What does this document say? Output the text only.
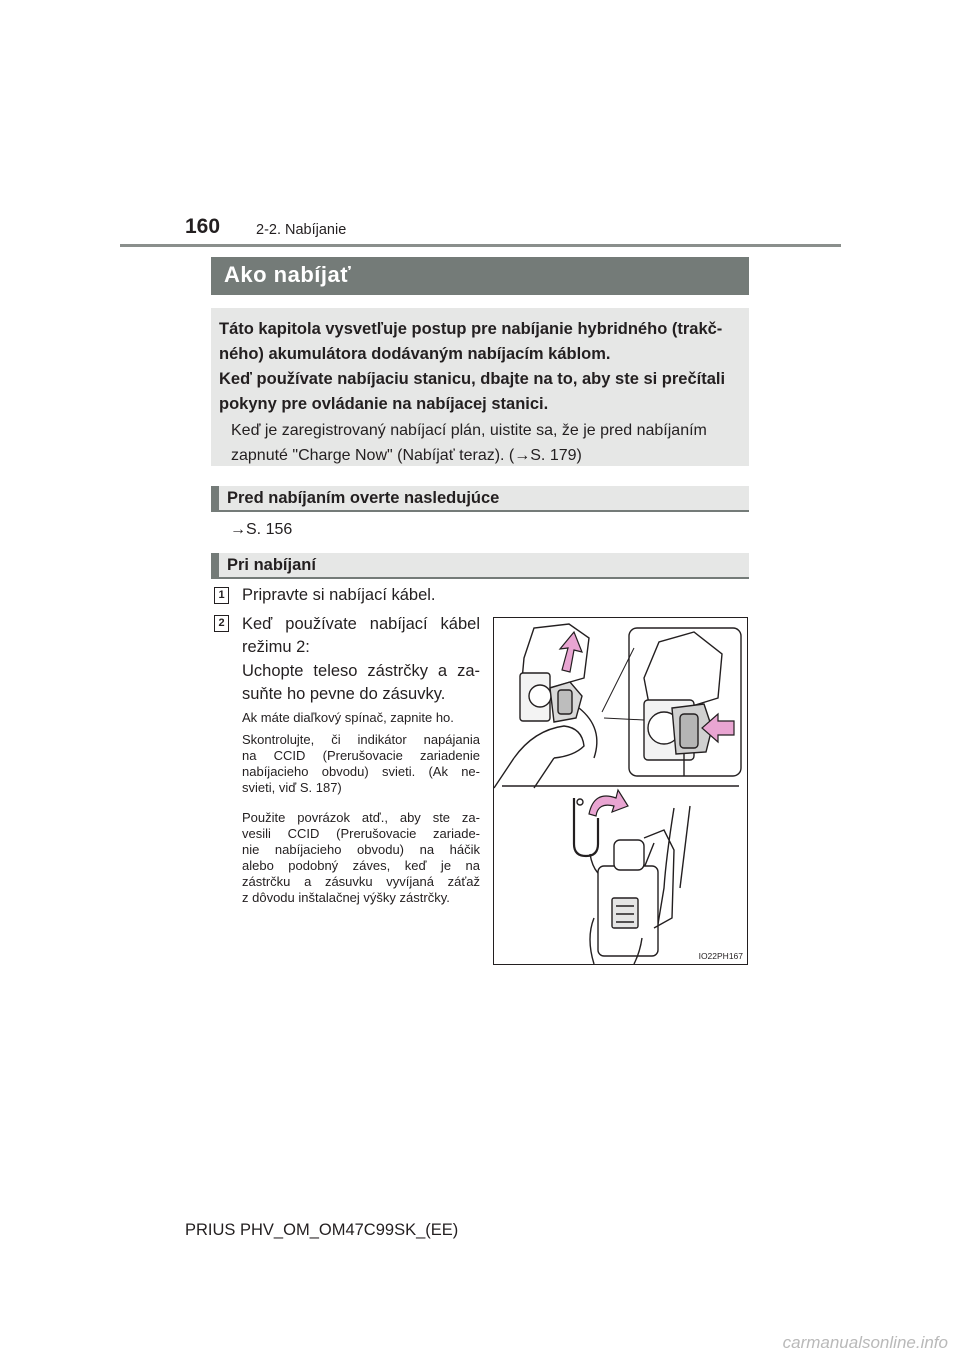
160 2-2. Nabíjanie
Ako nabíjať
Táto kapitola vysvetľuje postup pre nabíjanie hybridného (trakč-
ného) akumulátora dodávaným nabíjacím káblom.
Keď používate nabíjaciu stanicu, dbajte na to, aby ste si prečítali
pokyny pre ovládanie na nabíjacej stanici.
Keď je zaregistrovaný nabíjací plán, uistite sa, že je pred nabíjaním
zapnuté "Charge Now" (Nabíjať teraz). (→S. 179)
Pred nabíjaním overte nasledujúce
→S. 156
Pri nabíjaní
1 Pripravte si nabíjací kábel.
2 Keď používate nabíjací kábel
režimu 2:
Uchopte teleso zástrčky a za-
suňte ho pevne do zásuvky.
Ak máte diaľkový spínač, zapnite ho.
Skontrolujte, či indikátor napájania
na CCID (Prerušovacie zariadenie
nabíjacieho obvodu) svieti. (Ak ne-
svieti, viď S. 187)
Použite povrázok atď., aby ste za-
vesili CCID (Prerušovacie zariade-
nie nabíjacieho obvodu) na háčik
alebo podobný záves, keď je na
zástrčku a zásuvku vyvíjaná záťaž
z dôvodu inštalačnej výšky zástrčky.
IO22PH167
PRIUS PHV_OM_OM47C99SK_(EE)
carmanualsonline.info
